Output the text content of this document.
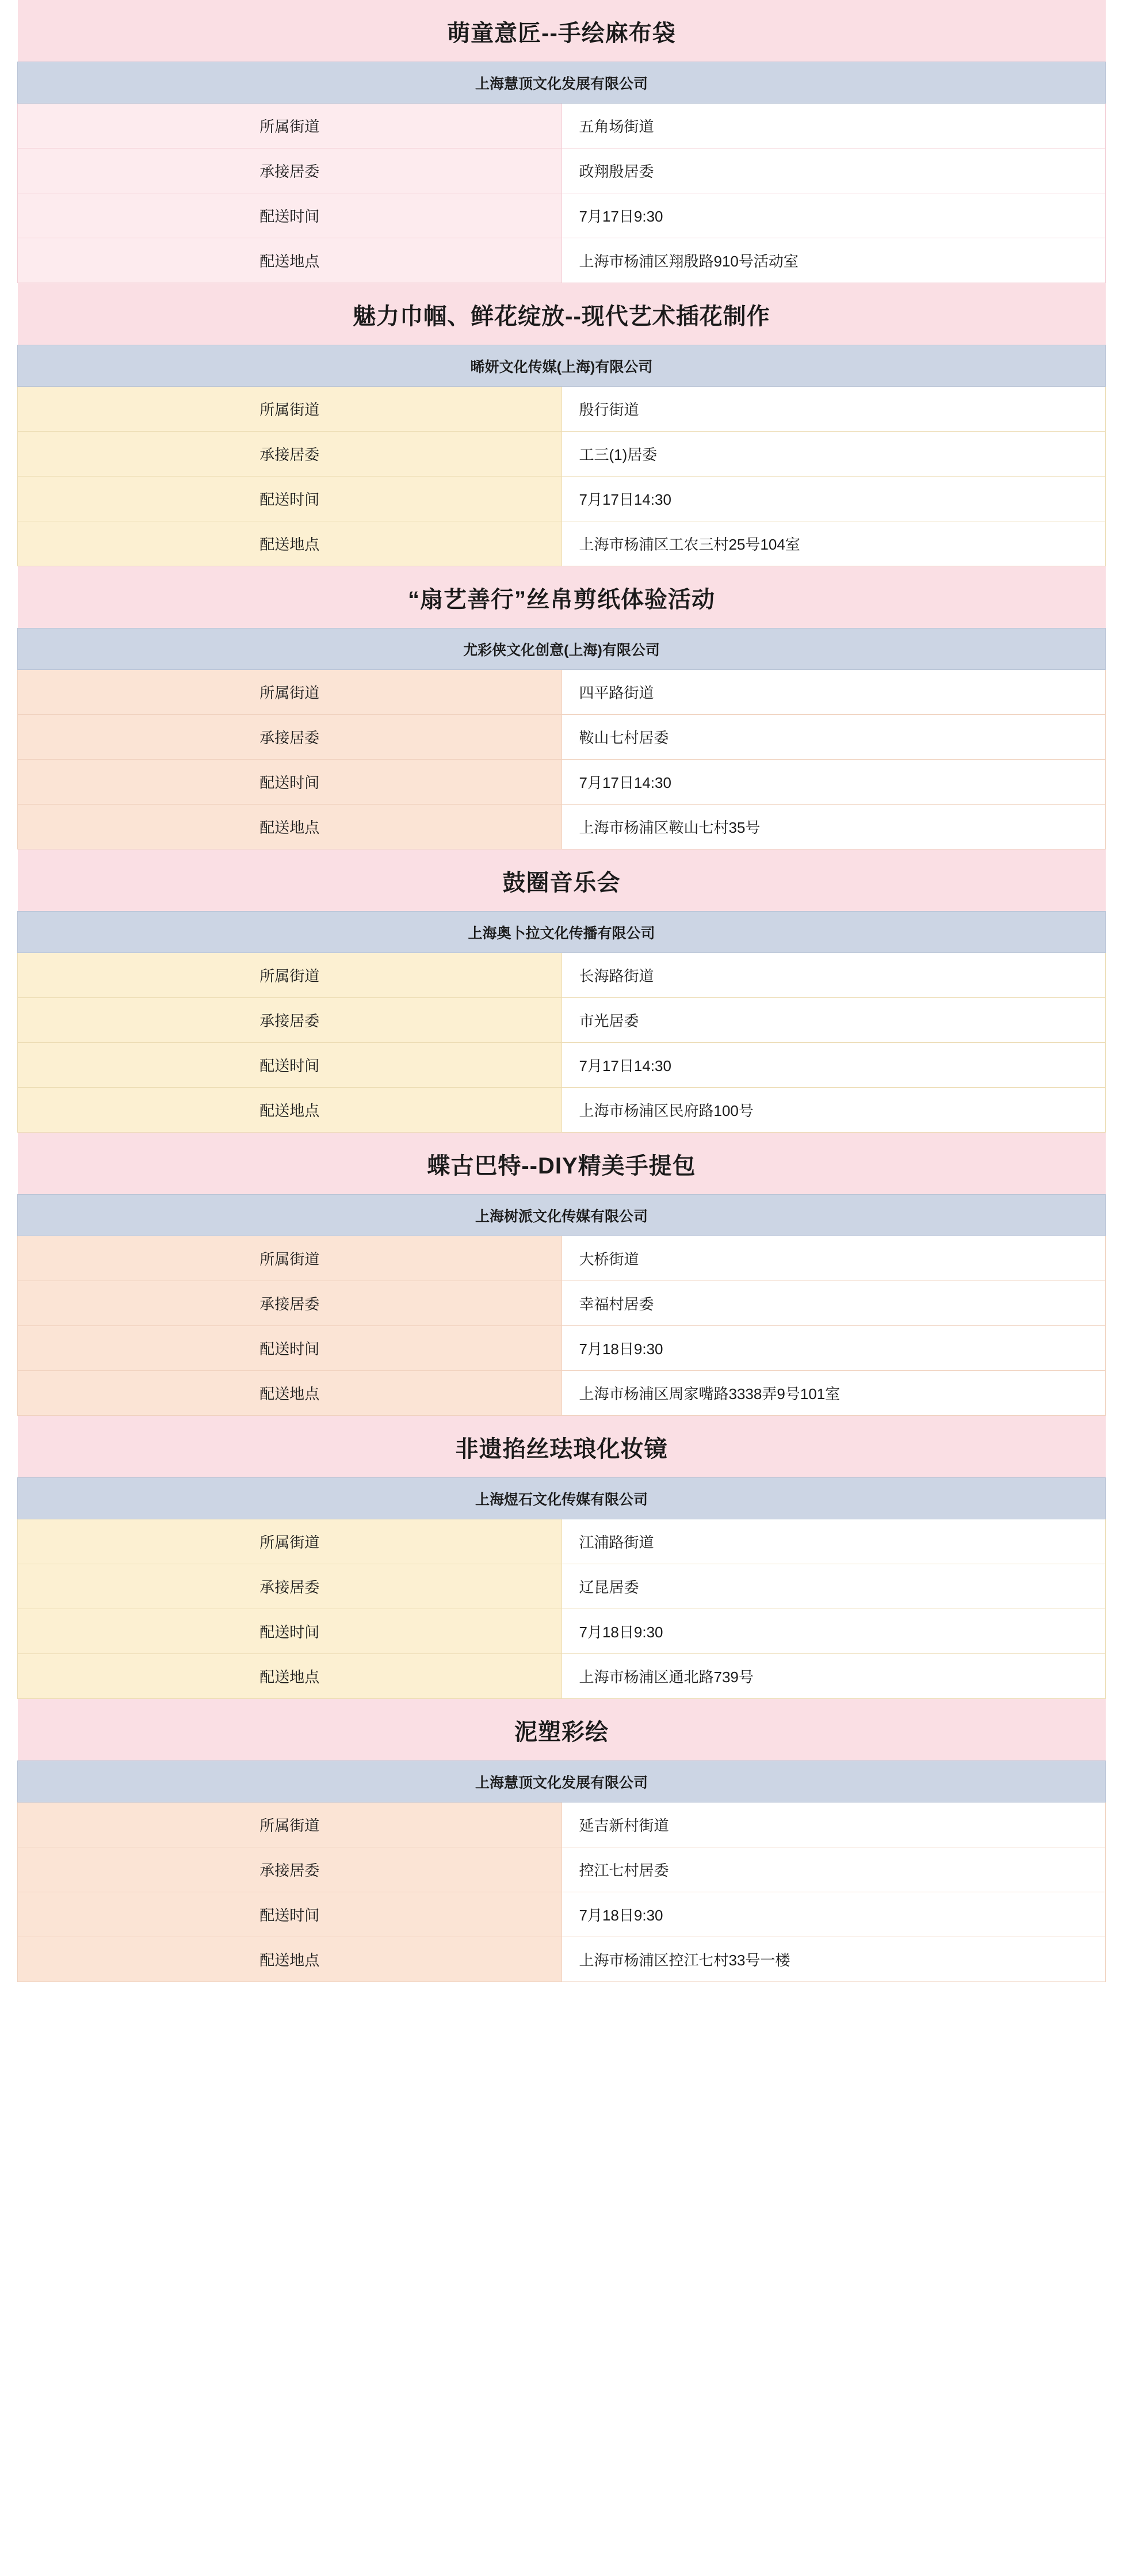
萌童意匠--手绘麻布袋	
上海慧顶文化发展有限公司	
所属街道	五角场街道
承接居委	政翔殷居委
配送时间	7月17日9:30
配送地点	上海市杨浦区翔殷路910号活动室
魅力巾帼、鲜花绽放--现代艺术插花制作	
晞妍文化传媒(上海)有限公司	
所属街道	殷行街道
承接居委	工三(1)居委
配送时间	7月17日14:30
配送地点	上海市杨浦区工农三村25号104室
“扇艺善行”丝帛剪纸体验活动	
尤彩侠文化创意(上海)有限公司	
所属街道	四平路街道
承接居委	鞍山七村居委
配送时间	7月17日14:30
配送地点	上海市杨浦区鞍山七村35号
鼓圈音乐会	
上海奥卜拉文化传播有限公司	
所属街道	长海路街道
承接居委	市光居委
配送时间	7月17日14:30
配送地点	上海市杨浦区民府路100号
蝶古巴特--DIY精美手提包	
上海树派文化传媒有限公司	
所属街道	大桥街道
承接居委	幸福村居委
配送时间	7月18日9:30
配送地点	上海市杨浦区周家嘴路3338弄9号101室
非遗掐丝珐琅化妆镜	
上海煜石文化传媒有限公司	
所属街道	江浦路街道
承接居委	辽昆居委
配送时间	7月18日9:30
配送地点	上海市杨浦区通北路739号
泥塑彩绘	
上海慧顶文化发展有限公司	
所属街道	延吉新村街道
承接居委	控江七村居委
配送时间	7月18日9:30
配送地点	上海市杨浦区控江七村33号一楼
